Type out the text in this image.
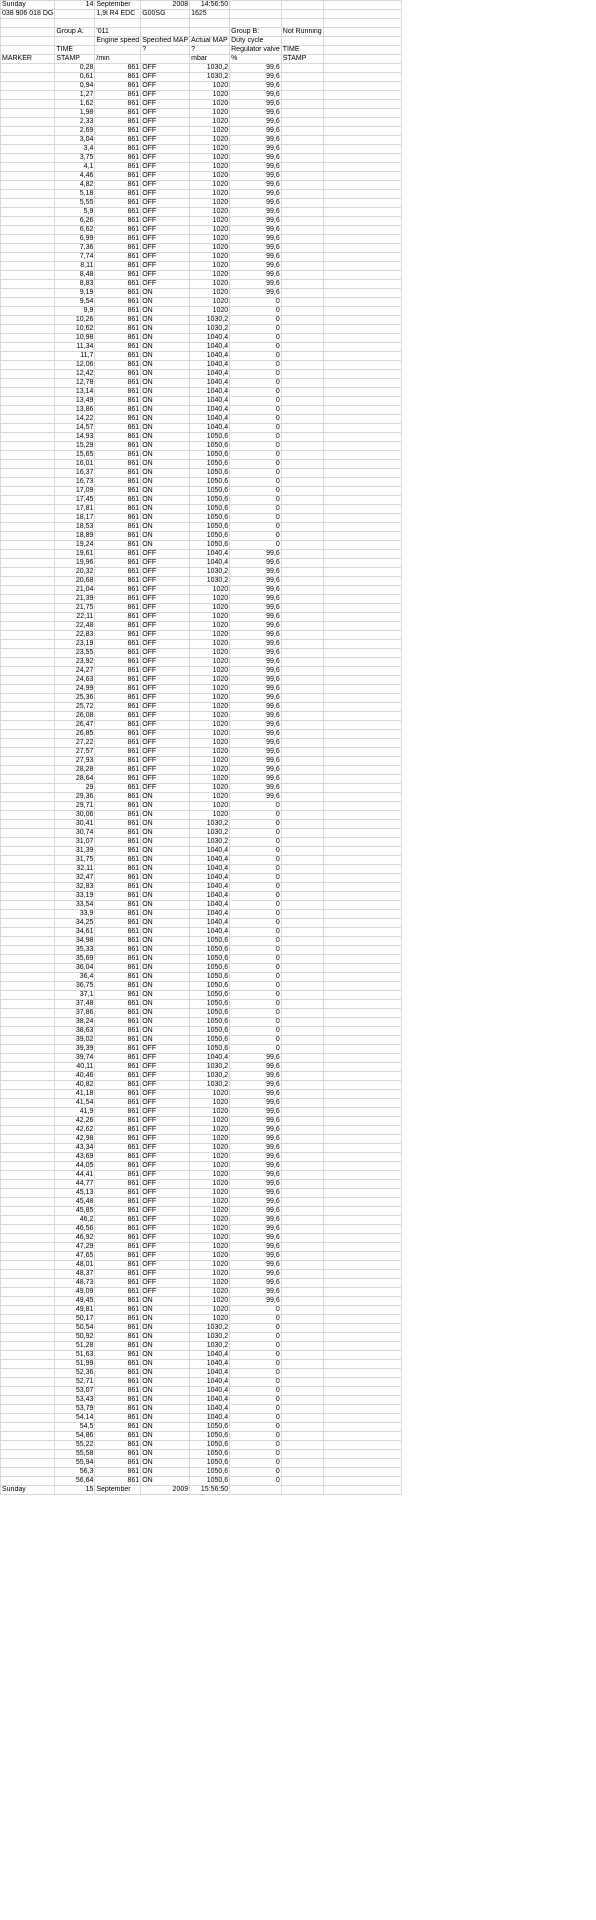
Sunday	14	September	2008	14:56:50			
038 906 018 DG		1,9l R4 EDC	G00SG	1625			

	Group A:	'011			Group B:	Not Running	
		Engine speed	Specified MAP	Actual MAP	Duty cycle		
	TIME		?	?	Regulator valve	TIME	
MARKER	STAMP	/min		mbar	%	STAMP	
	0,28	861	OFF	1030,2	99,6		
	0,61	861	OFF	1030,2	99,6		
	0,94	861	OFF	1020	99,6		
	1,27	861	OFF	1020	99,6		
	1,62	861	OFF	1020	99,6		
	1,98	861	OFF	1020	99,6		
	2,33	861	OFF	1020	99,6		
	2,69	861	OFF	1020	99,6		
	3,04	861	OFF	1020	99,6		
	3,4	861	OFF	1020	99,6		
	3,75	861	OFF	1020	99,6		
	4,1	861	OFF	1020	99,6		
	4,46	861	OFF	1020	99,6		
	4,82	861	OFF	1020	99,6		
	5,18	861	OFF	1020	99,6		
	5,55	861	OFF	1020	99,6		
	5,9	861	OFF	1020	99,6		
	6,26	861	OFF	1020	99,6		
	6,62	861	OFF	1020	99,6		
	6,99	861	OFF	1020	99,6		
	7,36	861	OFF	1020	99,6		
	7,74	861	OFF	1020	99,6		
	8,11	861	OFF	1020	99,6		
	8,48	861	OFF	1020	99,6		
	8,83	861	OFF	1020	99,6		
	9,19	861	ON	1020	99,6		
	9,54	861	ON	1020	0		
	9,9	861	ON	1020	0		
	10,26	861	ON	1030,2	0		
	10,62	861	ON	1030,2	0		
	10,98	861	ON	1040,4	0		
	11,34	861	ON	1040,4	0		
	11,7	861	ON	1040,4	0		
	12,06	861	ON	1040,4	0		
	12,42	861	ON	1040,4	0		
	12,78	861	ON	1040,4	0		
	13,14	861	ON	1040,4	0		
	13,49	861	ON	1040,4	0		
	13,86	861	ON	1040,4	0		
	14,22	861	ON	1040,4	0		
	14,57	861	ON	1040,4	0		
	14,93	861	ON	1050,6	0		
	15,29	861	ON	1050,6	0		
	15,65	861	ON	1050,6	0		
	16,01	861	ON	1050,6	0		
	16,37	861	ON	1050,6	0		
	16,73	861	ON	1050,6	0		
	17,09	861	ON	1050,6	0		
	17,45	861	ON	1050,6	0		
	17,81	861	ON	1050,6	0		
	18,17	861	ON	1050,6	0		
	18,53	861	ON	1050,6	0		
	18,89	861	ON	1050,6	0		
	19,24	861	ON	1050,6	0		
	19,61	861	OFF	1040,4	99,6		
	19,96	861	OFF	1040,4	99,6		
	20,32	861	OFF	1030,2	99,6		
	20,68	861	OFF	1030,2	99,6		
	21,04	861	OFF	1020	99,6		
	21,39	861	OFF	1020	99,6		
	21,75	861	OFF	1020	99,6		
	22,11	861	OFF	1020	99,6		
	22,48	861	OFF	1020	99,6		
	22,83	861	OFF	1020	99,6		
	23,19	861	OFF	1020	99,6		
	23,55	861	OFF	1020	99,6		
	23,92	861	OFF	1020	99,6		
	24,27	861	OFF	1020	99,6		
	24,63	861	OFF	1020	99,6		
	24,99	861	OFF	1020	99,6		
	25,36	861	OFF	1020	99,6		
	25,72	861	OFF	1020	99,6		
	26,08	861	OFF	1020	99,6		
	26,47	861	OFF	1020	99,6		
	26,85	861	OFF	1020	99,6		
	27,22	861	OFF	1020	99,6		
	27,57	861	OFF	1020	99,6		
	27,93	861	OFF	1020	99,6		
	28,28	861	OFF	1020	99,6		
	28,64	861	OFF	1020	99,6		
	29	861	OFF	1020	99,6		
	29,36	861	ON	1020	99,6		
	29,71	861	ON	1020	0		
	30,06	861	ON	1020	0		
	30,41	861	ON	1030,2	0		
	30,74	861	ON	1030,2	0		
	31,07	861	ON	1030,2	0		
	31,39	861	ON	1040,4	0		
	31,75	861	ON	1040,4	0		
	32,11	861	ON	1040,4	0		
	32,47	861	ON	1040,4	0		
	32,83	861	ON	1040,4	0		
	33,19	861	ON	1040,4	0		
	33,54	861	ON	1040,4	0		
	33,9	861	ON	1040,4	0		
	34,25	861	ON	1040,4	0		
	34,61	861	ON	1040,4	0		
	34,98	861	ON	1050,6	0		
	35,33	861	ON	1050,6	0		
	35,69	861	ON	1050,6	0		
	36,04	861	ON	1050,6	0		
	36,4	861	ON	1050,6	0		
	36,75	861	ON	1050,6	0		
	37,1	861	ON	1050,6	0		
	37,48	861	ON	1050,6	0		
	37,86	861	ON	1050,6	0		
	38,24	861	ON	1050,6	0		
	38,63	861	ON	1050,6	0		
	39,02	861	ON	1050,6	0		
	39,39	861	OFF	1050,6	0		
	39,74	861	OFF	1040,4	99,6		
	40,11	861	OFF	1030,2	99,6		
	40,46	861	OFF	1030,2	99,6		
	40,82	861	OFF	1030,2	99,6		
	41,18	861	OFF	1020	99,6		
	41,54	861	OFF	1020	99,6		
	41,9	861	OFF	1020	99,6		
	42,26	861	OFF	1020	99,6		
	42,62	861	OFF	1020	99,6		
	42,98	861	OFF	1020	99,6		
	43,34	861	OFF	1020	99,6		
	43,69	861	OFF	1020	99,6		
	44,05	861	OFF	1020	99,6		
	44,41	861	OFF	1020	99,6		
	44,77	861	OFF	1020	99,6		
	45,13	861	OFF	1020	99,6		
	45,48	861	OFF	1020	99,6		
	45,85	861	OFF	1020	99,6		
	46,2	861	OFF	1020	99,6		
	46,56	861	OFF	1020	99,6		
	46,92	861	OFF	1020	99,6		
	47,29	861	OFF	1020	99,6		
	47,65	861	OFF	1020	99,6		
	48,01	861	OFF	1020	99,6		
	48,37	861	OFF	1020	99,6		
	48,73	861	OFF	1020	99,6		
	49,09	861	OFF	1020	99,6		
	49,45	861	ON	1020	99,6		
	49,81	861	ON	1020	0		
	50,17	861	ON	1020	0		
	50,54	861	ON	1030,2	0		
	50,92	861	ON	1030,2	0		
	51,28	861	ON	1030,2	0		
	51,63	861	ON	1040,4	0		
	51,99	861	ON	1040,4	0		
	52,36	861	ON	1040,4	0		
	52,71	861	ON	1040,4	0		
	53,07	861	ON	1040,4	0		
	53,43	861	ON	1040,4	0		
	53,79	861	ON	1040,4	0		
	54,14	861	ON	1040,4	0		
	54,5	861	ON	1050,6	0		
	54,86	861	ON	1050,6	0		
	55,22	861	ON	1050,6	0		
	55,58	861	ON	1050,6	0		
	55,94	861	ON	1050,6	0		
	56,3	861	ON	1050,6	0		
	56,64	861	ON	1050,6	0		
Sunday	15	September	2009	15:56:50			
